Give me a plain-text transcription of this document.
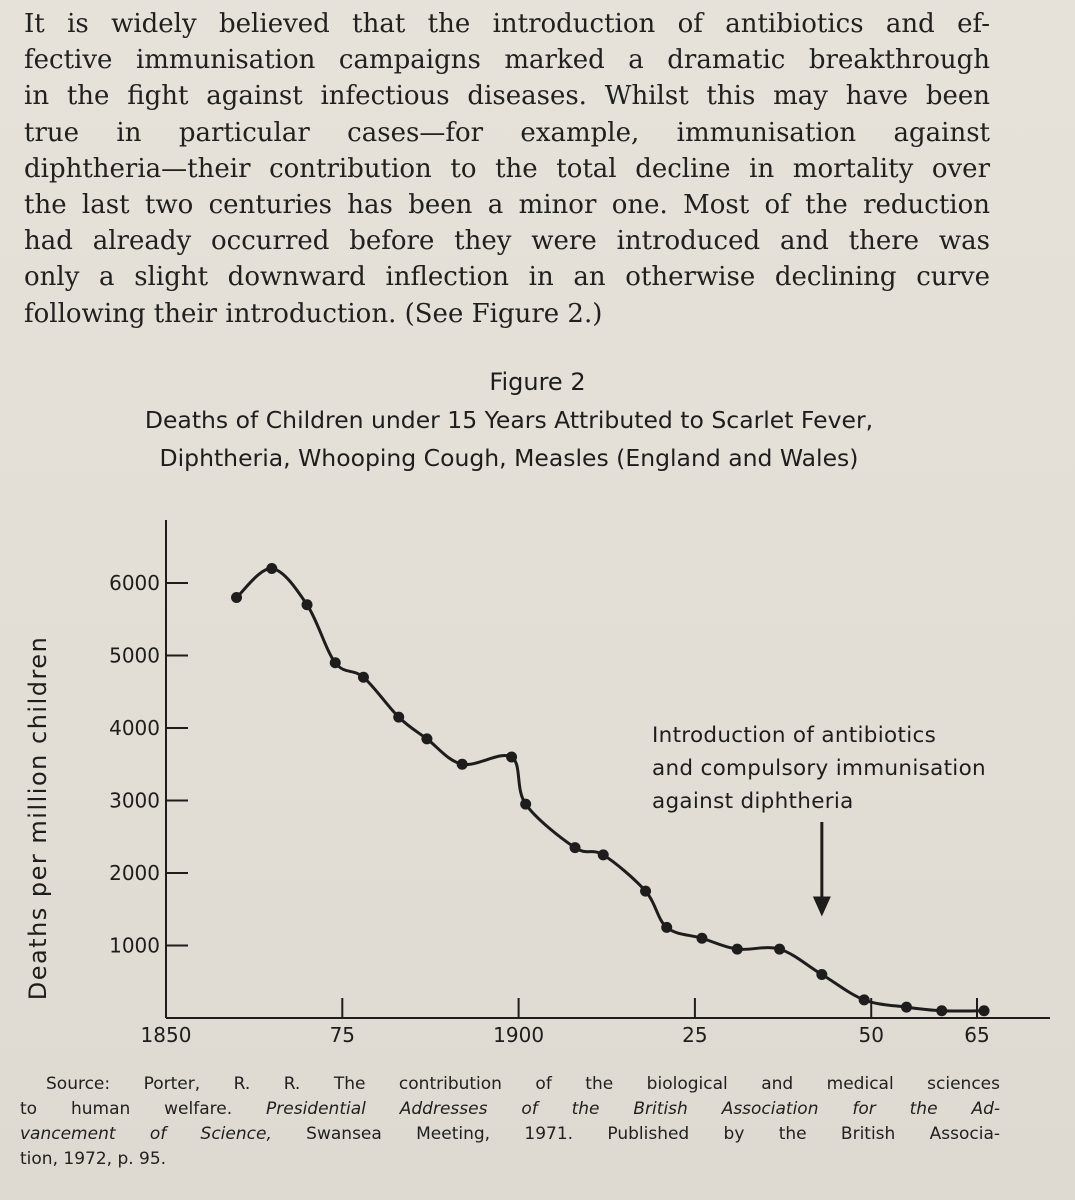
It is widely believed that the introduction of antibiotics and ef-
fective immunisation campaigns marked a dramatic breakthrough
in the fight against infectious diseases. Whilst this may have been
true in particular cases—for example, immunisation against
diphtheria—their contribution to the total decline in mortality over
the last two centuries has been a minor one. Most of the reduction
had already occurred before they were introduced and there was
only a slight downward inflection in an otherwise declining curve
following their introduction. (See Figure 2.)
Figure 2
Deaths of Children under 15 Years Attributed to Scarlet Fever,
Diphtheria, Whooping Cough, Measles (England and Wales)
1000
2000
3000
4000
5000
6000
1850	75	1900	25	50	65
Introduction of antibiotics
and compulsory immunisation
against diphtheria
Deaths per million children
Source: Porter, R. R. The contribution of the biological and medical sciences
to human welfare. Presidential Addresses of the British Association for the Ad-
vancement of Science, Swansea Meeting, 1971. Published by the British Associa-
tion, 1972, p. 95.
